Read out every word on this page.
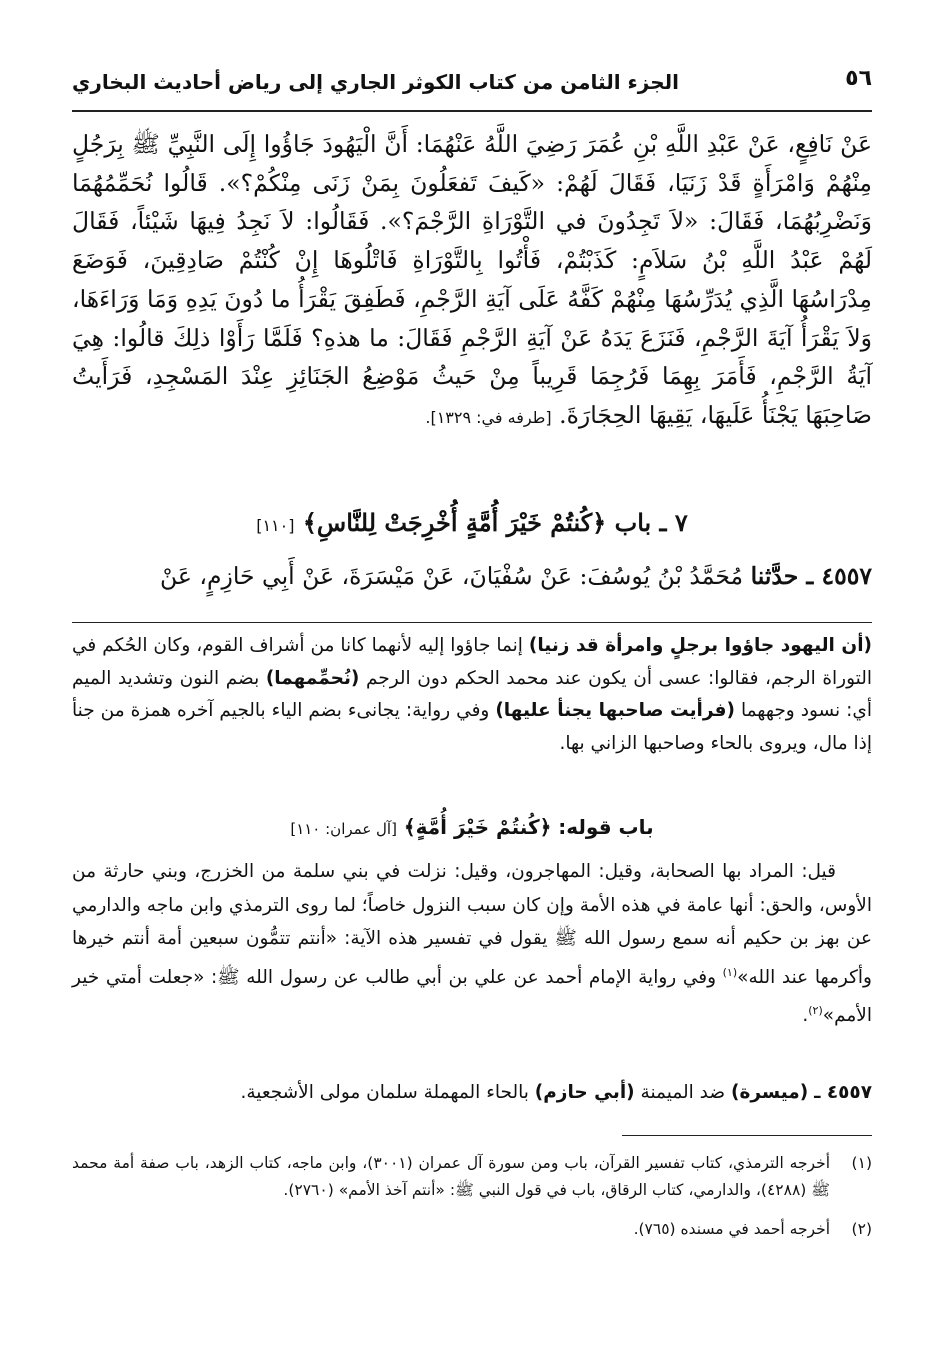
٥٦
الجزء الثامن من كتاب الكوثر الجاري إلى رياض أحاديث البخاري

عَنْ نَافِعٍ، عَنْ عَبْدِ اللَّهِ بْنِ عُمَرَ رَضِيَ اللَّهُ عَنْهُمَا: أَنَّ الْيَهُودَ جَاؤُوا إِلَى النَّبِيِّ ﷺ بِرَجُلٍ مِنْهُمْ وَامْرَأَةٍ قَدْ زَنَيَا، فَقَالَ لَهُمْ: «كَيفَ تَفعَلُونَ بِمَنْ زَنَى مِنْكُمْ؟». قَالُوا نُحَمِّمُهُمَا وَنَضْرِبُهُمَا، فَقَالَ: «لاَ تَجِدُونَ في التَّوْرَاةِ الرَّجْمَ؟». فَقَالُوا: لاَ نَجِدُ فِيهَا شَيْئاً، فَقَالَ لَهُمْ عَبْدُ اللَّهِ بْنُ سَلاَمٍ: كَذَبْتُمْ، فَأْتُوا بِالتَّوْرَاةِ فَاتْلُوهَا إِنْ كُنْتُمْ صَادِقِينَ، فَوَضَعَ مِدْرَاسُهَا الَّذِي يُدَرِّسُهَا مِنْهُمْ كَفَّهُ عَلَى آيَةِ الرَّجْمِ، فَطَفِقَ يَقْرَأُ ما دُونَ يَدِهِ وَمَا وَرَاءَهَا، وَلاَ يَقْرَأُ آيَةَ الرَّجْمِ، فَنَزَعَ يَدَهُ عَنْ آيَةِ الرَّجْمِ فَقَالَ: ما هذهِ؟ فَلَمَّا رَأَوْا ذلِكَ قالُوا: هِيَ آيَةُ الرَّجْمِ، فَأَمَرَ بِهِمَا فَرُجِمَا قَرِيباً مِنْ حَيثُ مَوْضِعُ الجَنَائِزِ عِنْدَ المَسْجِدِ، فَرَأَيتُ صَاحِبَهَا يَجْنَأُ عَلَيهَا، يَقِيهَا الحِجَارَةَ. [طرفه في: ١٣٢٩].

٧ ـ باب ﴿كُنتُمْ خَيْرَ أُمَّةٍ أُخْرِجَتْ لِلنَّاسِ﴾ [١١٠]
٤٥٥٧ ـ حدَّثنا مُحَمَّدُ بْنُ يُوسُفَ: عَنْ سُفْيَانَ، عَنْ مَيْسَرَةَ، عَنْ أَبِي حَازِمٍ، عَنْ

(أن اليهود جاؤوا برجلٍ وامرأة قد زنيا) إنما جاؤوا إليه لأنهما كانا من أشراف القوم، وكان الحُكم في التوراة الرجم، فقالوا: عسى أن يكون عند محمد الحكم دون الرجم (نُحمِّمهما) بضم النون وتشديد الميم أي: نسود وجههما (فرأيت صاحبها يجنأ عليها) وفي رواية: يجانىء بضم الياء بالجيم آخره همزة من جنأ إذا مال، ويروى بالحاء وصاحبها الزاني بها.

باب قوله: ﴿كُنتُمْ خَيْرَ أُمَّةٍ﴾ [آل عمران: ١١٠]

قيل: المراد بها الصحابة، وقيل: المهاجرون، وقيل: نزلت في بني سلمة من الخزرج، وبني حارثة من الأوس، والحق: أنها عامة في هذه الأمة وإن كان سبب النزول خاصاً؛ لما روى الترمذي وابن ماجه والدارمي عن بهز بن حكيم أنه سمع رسول الله ﷺ يقول في تفسير هذه الآية: «أنتم تتمُّون سبعين أمة أنتم خيرها وأكرمها عند الله»$^{(١)}$ وفي رواية الإمام أحمد عن علي بن أبي طالب عن رسول الله ﷺ: «جعلت أمتي خير الأمم»$^{(٢)}$.

٤٥٥٧ ـ (ميسرة) ضد الميمنة (أبي حازم) بالحاء المهملة سلمان مولى الأشجعية.
(١)
أخرجه الترمذي، كتاب تفسير القرآن، باب ومن سورة آل عمران (٣٠٠١)، وابن ماجه، كتاب الزهد، باب صفة أمة محمد ﷺ (٤٢٨٨)، والدارمي، كتاب الرقاق، باب في قول النبي ﷺ: «أنتم آخذ الأمم» (٢٧٦٠).
(٢)
أخرجه أحمد في مسنده (٧٦٥).
